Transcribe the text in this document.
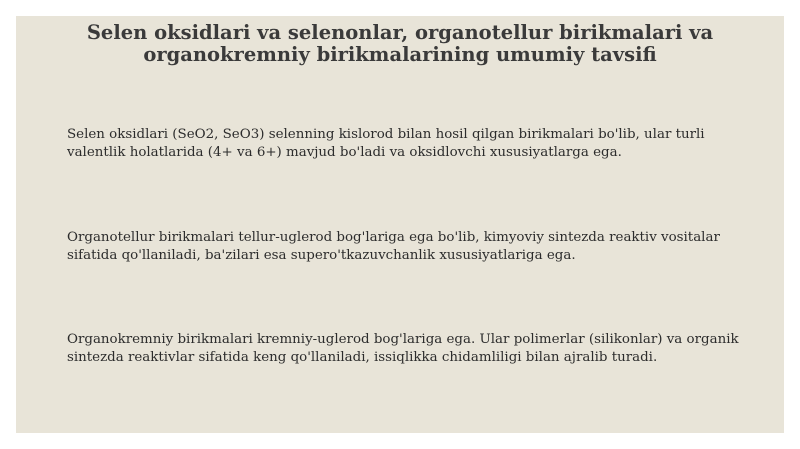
Selen oksidlari va selenonlar, organotellur birikmalari va organokremniy birikmalarining umumiy tavsifi

Selen oksidlari (SeO2, SeO3) selenning kislorod bilan hosil qilgan birikmalari bo'lib, ular turli valentlik holatlarida (4+ va 6+) mavjud bo'ladi va oksidlovchi xususiyatlarga ega.

Organotellur birikmalari tellur-uglerod bog'lariga ega bo'lib, kimyoviy sintezda reaktiv vositalar sifatida qo'llaniladi, ba'zilari esa supero'tkazuvchanlik xususiyatlariga ega.

Organokremniy birikmalari kremniy-uglerod bog'lariga ega. Ular polimerlar (silikonlar) va organik sintezda reaktivlar sifatida keng qo'llaniladi, issiqlikka chidamliligi bilan ajralib turadi.
